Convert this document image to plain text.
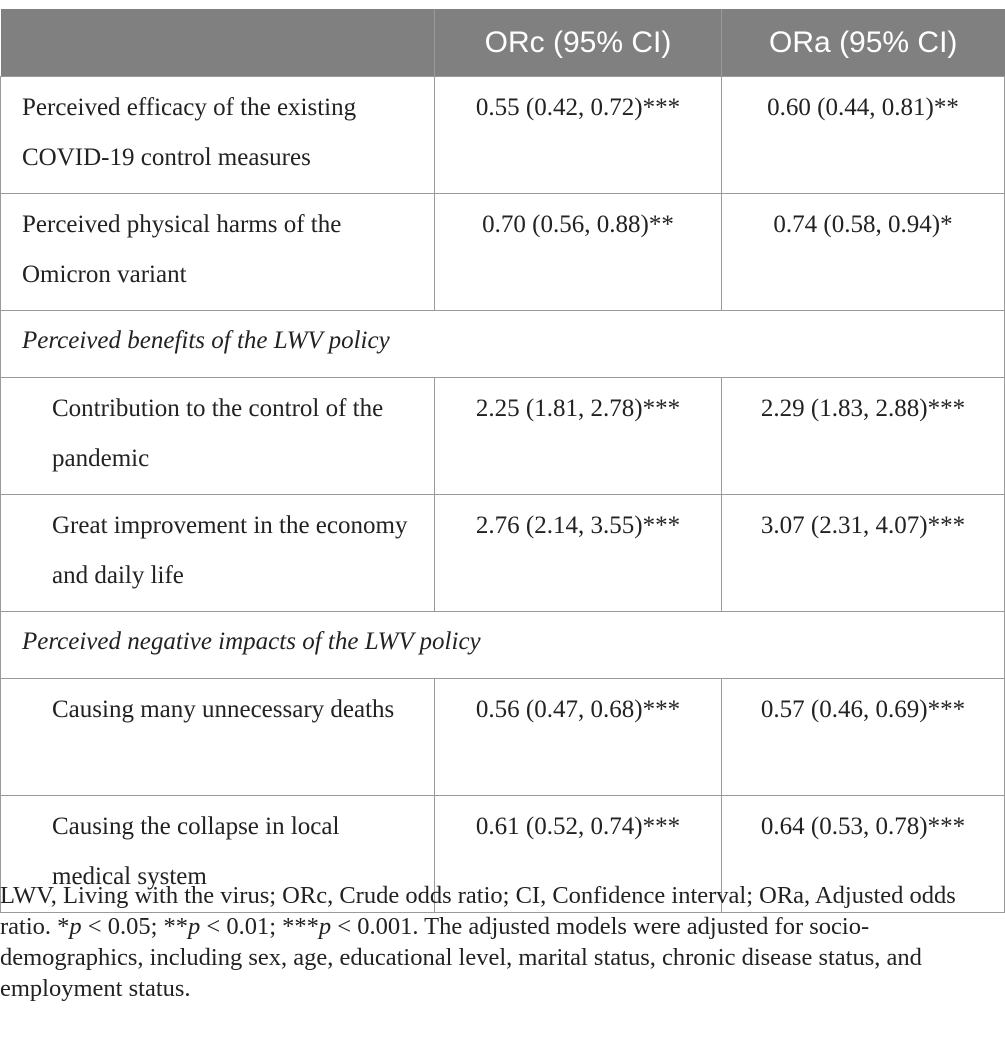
	ORc (95% CI)	ORa (95% CI)
Perceived efficacy of the existing COVID-19 control measures	0.55 (0.42, 0.72)***	0.60 (0.44, 0.81)**
Perceived physical harms of the Omicron variant	0.70 (0.56, 0.88)**	0.74 (0.58, 0.94)*
Perceived benefits of the LWV policy		
Contribution to the control of the pandemic	2.25 (1.81, 2.78)***	2.29 (1.83, 2.88)***
Great improvement in the economy and daily life	2.76 (2.14, 3.55)***	3.07 (2.31, 4.07)***
Perceived negative impacts of the LWV policy		
Causing many unnecessary deaths	0.56 (0.47, 0.68)***	0.57 (0.46, 0.69)***
Causing the collapse in local medical system	0.61 (0.52, 0.74)***	0.64 (0.53, 0.78)***

LWV, Living with the virus; ORc, Crude odds ratio; CI, Confidence interval; ORa, Adjusted odds ratio. *p < 0.05; **p < 0.01; ***p < 0.001. The adjusted models were adjusted for socio-demographics, including sex, age, educational level, marital status, chronic disease status, and employment status.
